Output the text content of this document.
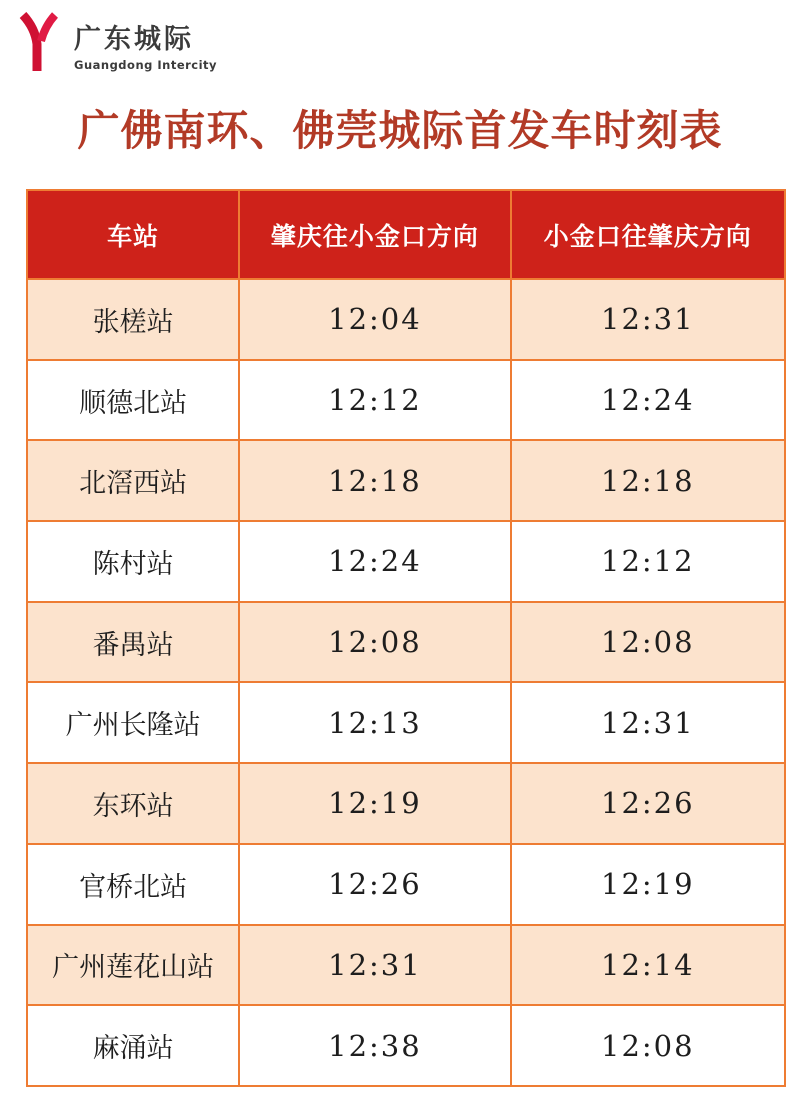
广东城际
Guangdong Intercity
广佛南环、佛莞城际首发车时刻表
车站	肇庆往小金口方向	小金口往肇庆方向
张槎站	12:04	12:31
顺德北站	12:12	12:24
北滘西站	12:18	12:18
陈村站	12:24	12:12
番禺站	12:08	12:08
广州长隆站	12:13	12:31
东环站	12:19	12:26
官桥北站	12:26	12:19
广州莲花山站	12:31	12:14
麻涌站	12:38	12:08
